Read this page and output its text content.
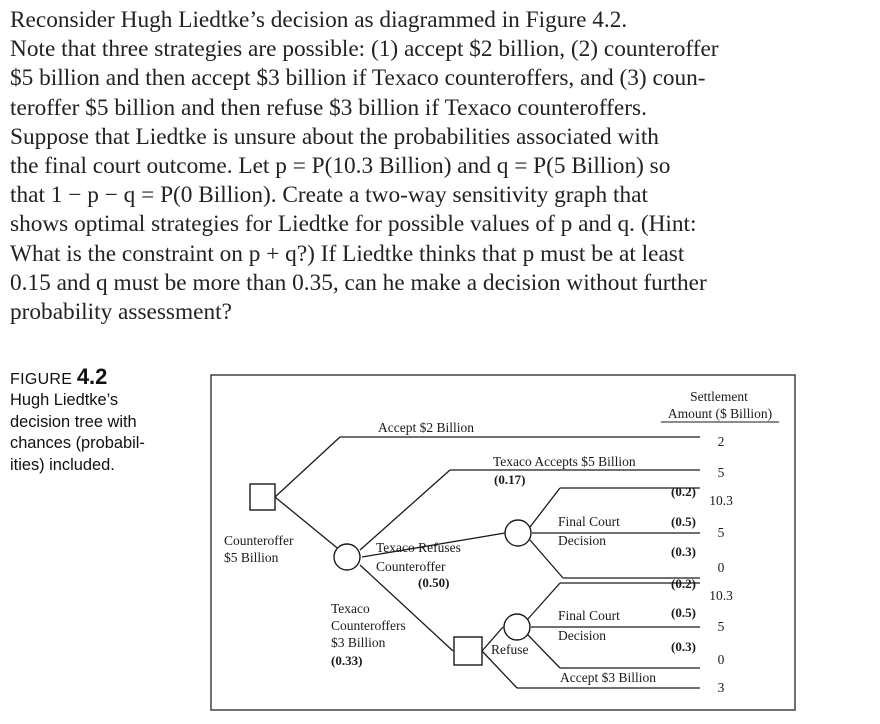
Reconsider Hugh Liedtke’s decision as diagrammed in Figure 4.2.
Note that three strategies are possible: (1) accept $2 billion, (2) counteroffer
$5 billion and then accept $3 billion if Texaco counteroffers, and (3) coun-
teroffer $5 billion and then refuse $3 billion if Texaco counteroffers.
Suppose that Liedtke is unsure about the probabilities associated with
the final court outcome. Let p = P(10.3 Billion) and q = P(5 Billion) so
that 1 − p − q = P(0 Billion). Create a two-way sensitivity graph that
shows optimal strategies for Liedtke for possible values of p and q. (Hint:
What is the constraint on p + q?) If Liedtke thinks that p must be at least
0.15 and q must be more than 0.35, can he make a decision without further
probability assessment?
FIGURE 4.2
Hugh Liedtke’s
decision tree with
chances (probabil-
ities) included.
Settlement
Amount ($ Billion)
Accept $2 Billion
Counteroffer
$5 Billion
Texaco Accepts $5 Billion
(0.17)
Texaco Refuses
Counteroffer
(0.50)
Texaco
Counteroffers
$3 Billion
(0.33)
Final Court
Decision
(0.2)
(0.5)
(0.3)
Final Court
Decision
(0.2)
(0.5)
(0.3)
Refuse
Accept $3 Billion
2
5
10.3
5
0
10.3
5
0
3
